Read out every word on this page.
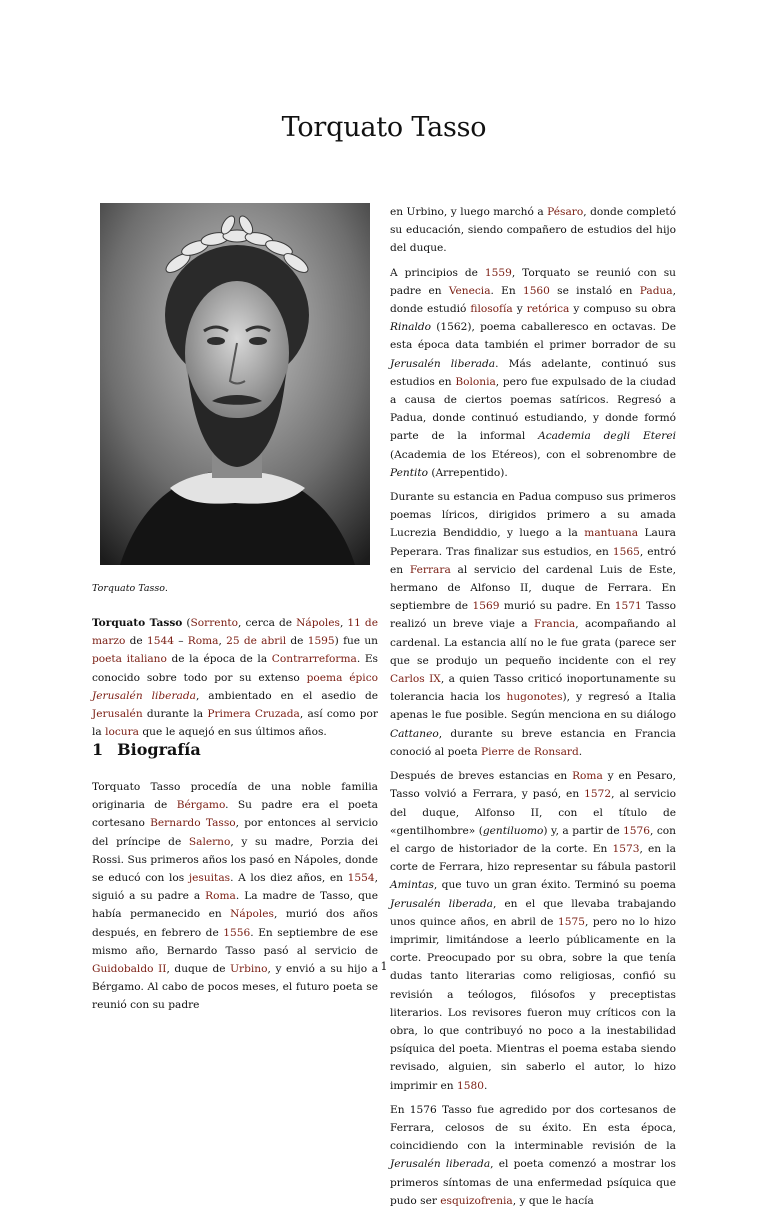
Torquato Tasso
Torquato Tasso.

Torquato Tasso (Sorrento, cerca de Nápoles, 11 de marzo de 1544 – Roma, 25 de abril de 1595) fue un poeta italiano de la época de la Contrarreforma. Es conocido sobre todo por su extenso poema épico Jerusalén liberada, ambientado en el asedio de Jerusalén durante la Primera Cruzada, así como por la locura que le aquejó en sus últimos años.

1 Biografía

Torquato Tasso procedía de una noble familia originaria de Bérgamo. Su padre era el poeta cortesano Bernardo Tasso, por entonces al servicio del príncipe de Salerno, y su madre, Porzia dei Rossi. Sus primeros años los pasó en Nápoles, donde se educó con los jesuitas. A los diez años, en 1554, siguió a su padre a Roma. La madre de Tasso, que había permanecido en Nápoles, murió dos años después, en febrero de 1556. En septiembre de ese mismo año, Bernardo Tasso pasó al servicio de Guidobaldo II, duque de Urbino, y envió a su hijo a Bérgamo. Al cabo de pocos meses, el futuro poeta se reunió con su padre

en Urbino, y luego marchó a Pésaro, donde completó su educación, siendo compañero de estudios del hijo del duque.

A principios de 1559, Torquato se reunió con su padre en Venecia. En 1560 se instaló en Padua, donde estudió filosofía y retórica y compuso su obra Rinaldo (1562), poema caballeresco en octavas. De esta época data también el primer borrador de su Jerusalén liberada. Más adelante, continuó sus estudios en Bolonia, pero fue expulsado de la ciudad a causa de ciertos poemas satíricos. Regresó a Padua, donde continuó estudiando, y donde formó parte de la informal Academia degli Eterei (Academia de los Etéreos), con el sobrenombre de Pentito (Arrepentido).

Durante su estancia en Padua compuso sus primeros poemas líricos, dirigidos primero a su amada Lucrezia Bendiddio, y luego a la mantuana Laura Peperara. Tras finalizar sus estudios, en 1565, entró en Ferrara al servicio del cardenal Luis de Este, hermano de Alfonso II, duque de Ferrara. En septiembre de 1569 murió su padre. En 1571 Tasso realizó un breve viaje a Francia, acompañando al cardenal. La estancia allí no le fue grata (parece ser que se produjo un pequeño incidente con el rey Carlos IX, a quien Tasso criticó inoportunamente su tolerancia hacia los hugonotes), y regresó a Italia apenas le fue posible. Según menciona en su diálogo Cattaneo, durante su breve estancia en Francia conoció al poeta Pierre de Ronsard.

Después de breves estancias en Roma y en Pesaro, Tasso volvió a Ferrara, y pasó, en 1572, al servicio del duque, Alfonso II, con el título de «gentilhombre» (gentiluomo) y, a partir de 1576, con el cargo de historiador de la corte. En 1573, en la corte de Ferrara, hizo representar su fábula pastoril Amintas, que tuvo un gran éxito. Terminó su poema Jerusalén liberada, en el que llevaba trabajando unos quince años, en abril de 1575, pero no lo hizo imprimir, limitándose a leerlo públicamente en la corte. Preocupado por su obra, sobre la que tenía dudas tanto literarias como religiosas, confió su revisión a teólogos, filósofos y preceptistas literarios. Los revisores fueron muy críticos con la obra, lo que contribuyó no poco a la inestabilidad psíquica del poeta. Mientras el poema estaba siendo revisado, alguien, sin saberlo el autor, lo hizo imprimir en 1580.

En 1576 Tasso fue agredido por dos cortesanos de Ferrara, celosos de su éxito. En esta época, coincidiendo con la interminable revisión de la Jerusalén liberada, el poeta comenzó a mostrar los primeros síntomas de una enfermedad psíquica que pudo ser esquizofrenia, y que le hacía

1
